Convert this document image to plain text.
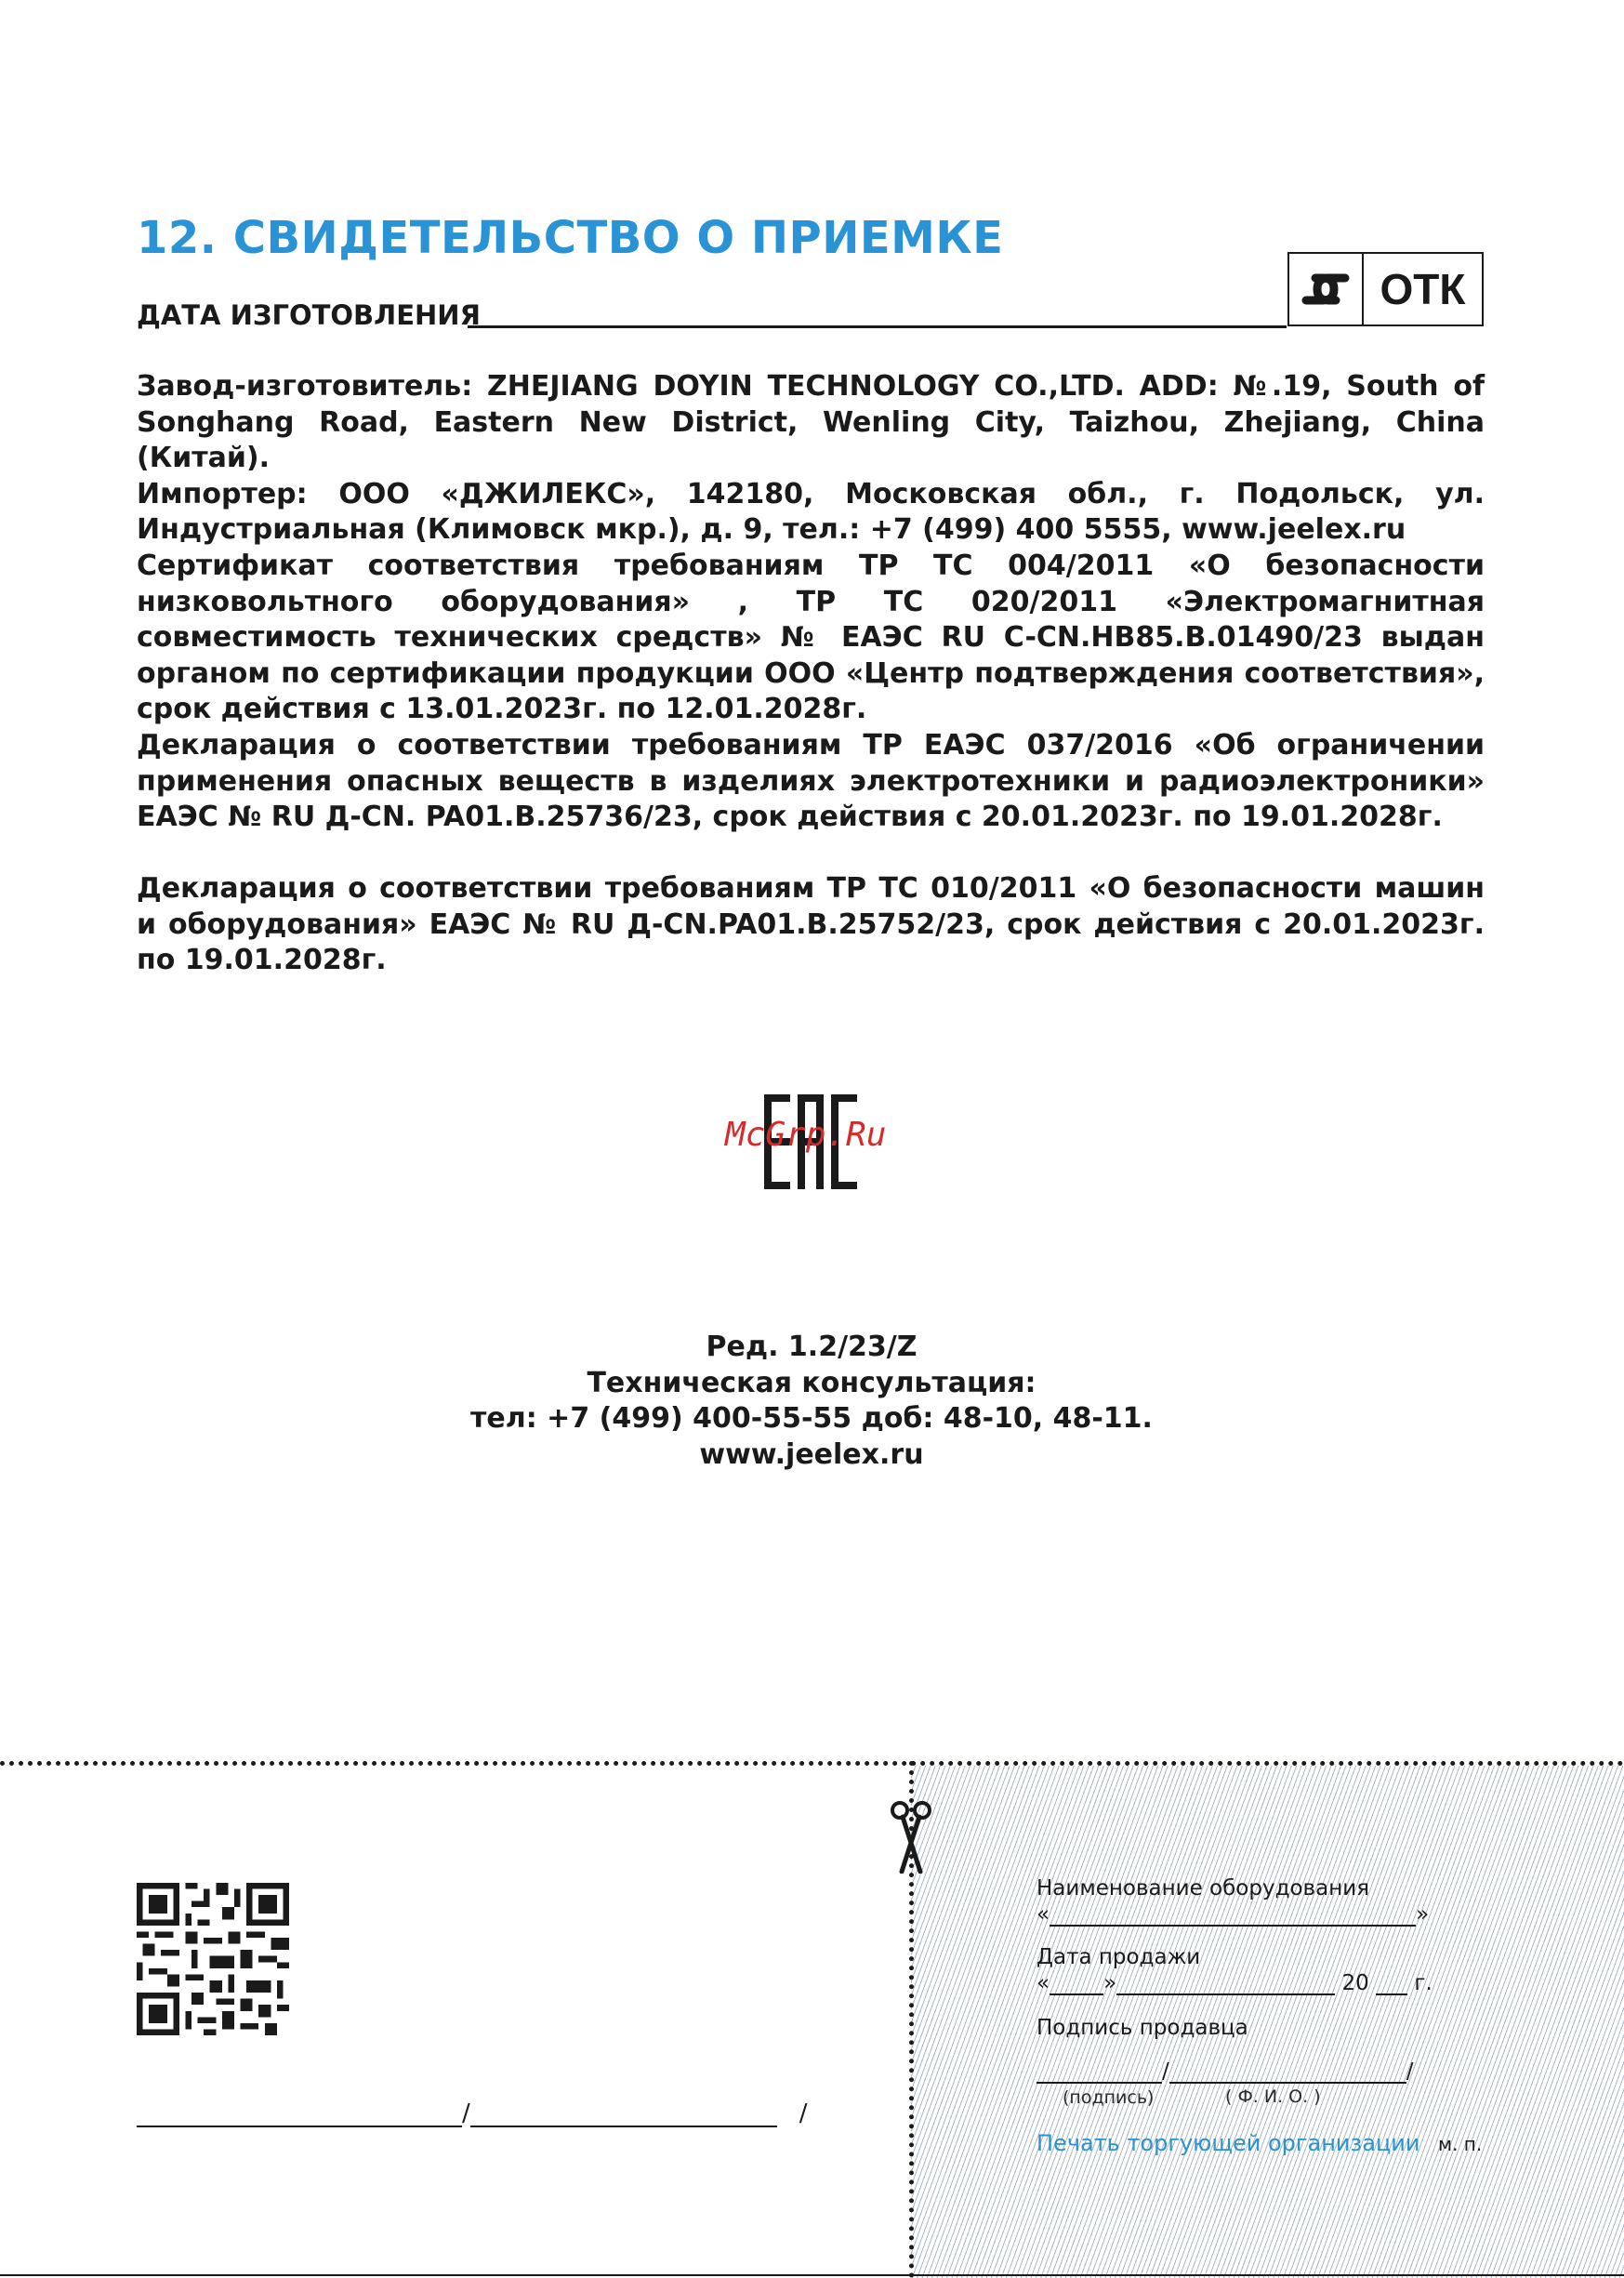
12. СВИДЕТЕЛЬСТВО О ПРИЕМКЕ
ДАТА ИЗГОТОВЛЕНИЯ
ОТК

Завод-изготовитель: ZHEJIANG DOYIN TECHNOLOGY CO.,LTD. ADD: №.19, South of Songhang Road, Eastern New District, Wenling City, Taizhou, Zhejiang, China (Китай).

Импортер: ООО «ДЖИЛЕКС», 142180, Московская обл., г. Подольск, ул. Индустриальная (Климовск мкр.), д. 9, тел.: +7 (499) 400 5555, www.jeelex.ru

Сертификат соответствия требованиям ТР ТС 004/2011 «О безопасности низковольтного оборудования» , ТР ТС 020/2011 «Электромагнитная совместимость технических средств» № ЕАЭС RU C-CN.НВ85.В.01490/23 выдан органом по сертификации продукции ООО «Центр подтверждения соответствия», срок действия с 13.01.2023г. по 12.01.2028г.
Декларация о соответствии требованиям ТР ЕАЭС 037/2016 «Об ограничении применения опасных веществ в изделиях электротехники и радиоэлектроники» ЕАЭС № RU Д-CN. PA01.B.25736/23, срок действия с 20.01.2023г. по 19.01.2028г.
Декларация о соответствии требованиям ТР ТС 010/2011 «О безопасности машин и оборудования» ЕАЭС № RU Д-CN.PA01.B.25752/23, срок действия с 20.01.2023г. по 19.01.2028г.
McGrp.Ru
Ред. 1.2/23/Z
Техническая консультация:
тел: +7 (499) 400-55-55 доб: 48-10, 48-11.
www.jeelex.ru
/	/
Наименование оборудования
«	»
Дата продажи
«	»	20 г.
Подпись продавца
/	/
(подпись)	( Ф. И. О. )
Печать торгующей организации м. п.
